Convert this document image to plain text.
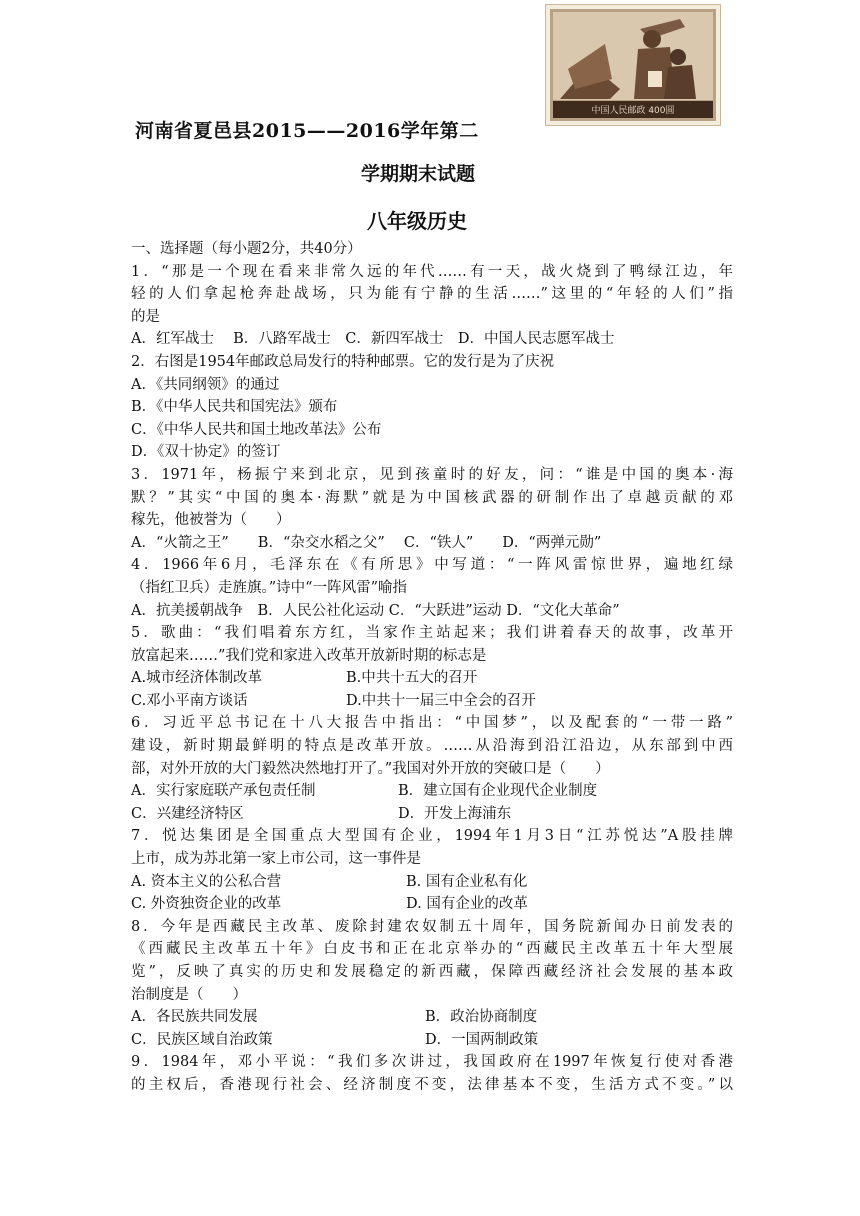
中国人民邮政 400圆
河南省夏邑县2015——2016学年第二
学期期末试题
八年级历史
一、选择题（每小题2分，共40分）
1．“那是一个现在看来非常久远的年代……有一天，战火烧到了鸭绿江边，年
轻的人们拿起枪奔赴战场，只为能有宁静的生活……”这里的“年轻的人们”指
的是
A．红军战士　 B．八路军战士　C．新四军战士　D．中国人民志愿军战士
2．右图是1954年邮政总局发行的特种邮票。它的发行是为了庆祝
A．《共同纲领》的通过
B．《中华人民共和国宪法》颁布
C．《中华人民共和国土地改革法》公布
D．《双十协定》的签订
3．1971年，杨振宁来到北京，见到孩童时的好友，问：“谁是中国的奥本·海
默？”其实“中国的奥本·海默”就是为中国核武器的研制作出了卓越贡献的邓
稼先，他被誉为（　　）
A．“火箭之王”　　B．“杂交水稻之父”　 C．“铁人”　　D．“两弹元勋”
4．1966年6月，毛泽东在《有所思》中写道：“一阵风雷惊世界，遍地红绿
（指红卫兵）走旌旗。”诗中“一阵风雷”喻指
A．抗美援朝战争　B．人民公社化运动 C．“大跃进”运动 D．“文化大革命”
5．歌曲：“我们唱着东方红，当家作主站起来；我们讲着春天的故事，改革开
放富起来……”我们党和家进入改革开放新时期的标志是
A.城市经济体制改革	B.中共十五大的召开
C.邓小平南方谈话	D.中共十一届三中全会的召开
6．习近平总书记在十八大报告中指出：“中国梦”，以及配套的“一带一路”
建设，新时期最鲜明的特点是改革开放。……从沿海到沿江沿边，从东部到中西
部，对外开放的大门毅然决然地打开了。”我国对外开放的突破口是（　　）
A．实行家庭联产承包责任制	B．建立国有企业现代企业制度
C．兴建经济特区	D．开发上海浦东
7．悦达集团是全国重点大型国有企业，1994年1月3日“江苏悦达”A股挂牌
上市，成为苏北第一家上市公司，这一事件是
A. 资本主义的公私合营	B. 国有企业私有化
C. 外资独资企业的改革	D. 国有企业的改革
8．今年是西藏民主改革、废除封建农奴制五十周年，国务院新闻办日前发表的
《西藏民主改革五十年》白皮书和正在北京举办的“西藏民主改革五十年大型展
览”，反映了真实的历史和发展稳定的新西藏，保障西藏经济社会发展的基本政
治制度是（　　）
A．各民族共同发展	B．政治协商制度
C．民族区域自治政策	D．一国两制政策
9．1984年，邓小平说：“我们多次讲过，我国政府在1997年恢复行使对香港
的主权后，香港现行社会、经济制度不变，法律基本不变，生活方式不变。”以
